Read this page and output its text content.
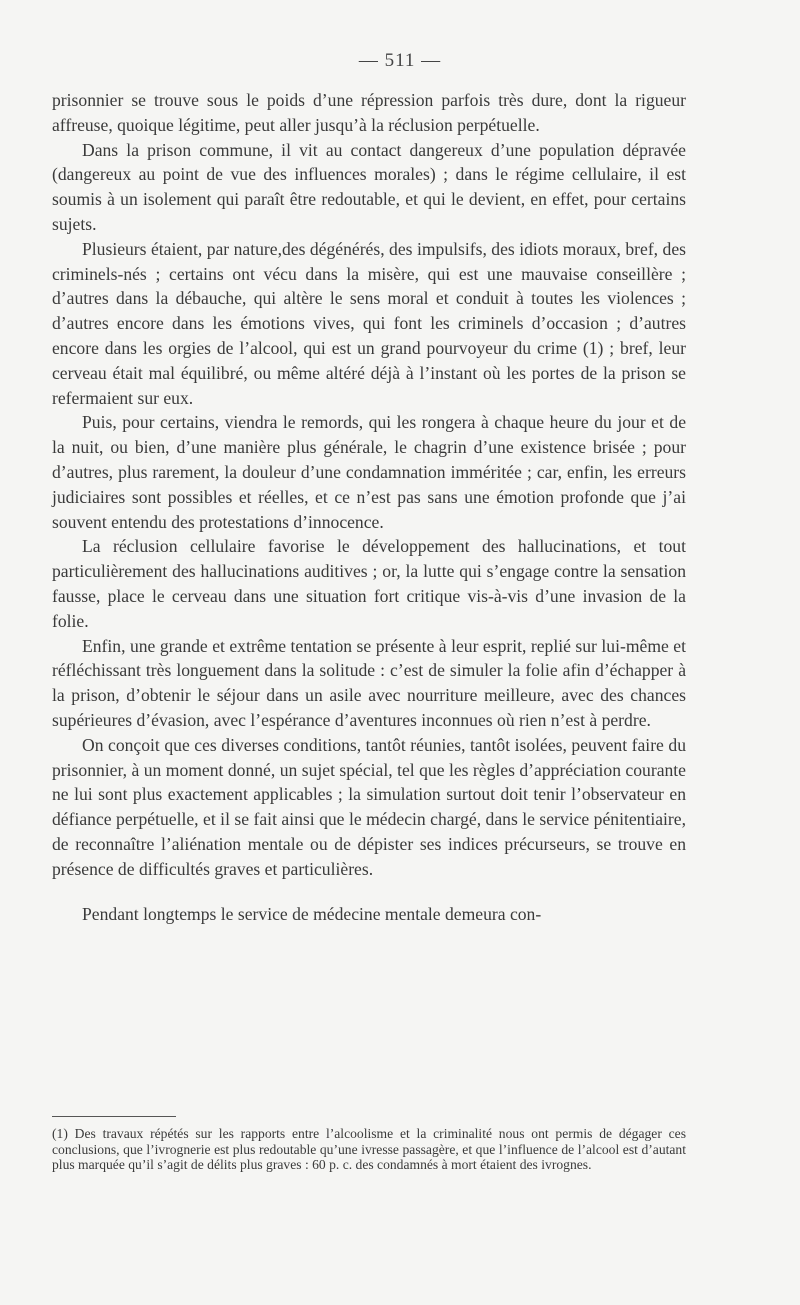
— 511 —

prisonnier se trouve sous le poids d’une répression parfois très dure, dont la rigueur affreuse, quoique légitime, peut aller jusqu’à la réclusion perpétuelle.

Dans la prison commune, il vit au contact dangereux d’une population dépravée (dangereux au point de vue des influences morales) ; dans le régime cellulaire, il est soumis à un isolement qui paraît être redoutable, et qui le devient, en effet, pour certains sujets.

Plusieurs étaient, par nature,des dégénérés, des impulsifs, des idiots moraux, bref, des criminels-nés ; certains ont vécu dans la misère, qui est une mauvaise conseillère ; d’autres dans la débauche, qui altère le sens moral et conduit à toutes les violences ; d’autres encore dans les émotions vives, qui font les criminels d’occasion ; d’autres encore dans les orgies de l’alcool, qui est un grand pourvoyeur du crime (1) ; bref, leur cerveau était mal équilibré, ou même altéré déjà à l’instant où les portes de la prison se refermaient sur eux.

Puis, pour certains, viendra le remords, qui les rongera à chaque heure du jour et de la nuit, ou bien, d’une manière plus générale, le chagrin d’une existence brisée ; pour d’autres, plus rarement, la douleur d’une condamnation imméritée ; car, enfin, les erreurs judiciaires sont possibles et réelles, et ce n’est pas sans une émotion profonde que j’ai souvent entendu des protestations d’innocence.

La réclusion cellulaire favorise le développement des hallucinations, et tout particulièrement des hallucinations auditives ; or, la lutte qui s’engage contre la sensation fausse, place le cerveau dans une situation fort critique vis-à-vis d’une invasion de la folie.

Enfin, une grande et extrême tentation se présente à leur esprit, replié sur lui-même et réfléchissant très longuement dans la solitude : c’est de simuler la folie afin d’échapper à la prison, d’obtenir le séjour dans un asile avec nourriture meilleure, avec des chances supérieures d’évasion, avec l’espérance d’aventures inconnues où rien n’est à perdre.

On conçoit que ces diverses conditions, tantôt réunies, tantôt isolées, peuvent faire du prisonnier, à un moment donné, un sujet spécial, tel que les règles d’appréciation courante ne lui sont plus exactement applicables ; la simulation surtout doit tenir l’observateur en défiance perpétuelle, et il se fait ainsi que le médecin chargé, dans le service pénitentiaire, de reconnaître l’aliénation mentale ou de dépister ses indices précurseurs, se trouve en présence de difficultés graves et particulières.

Pendant longtemps le service de médecine mentale demeura con-

(1) Des travaux répétés sur les rapports entre l’alcoolisme et la criminalité nous ont permis de dégager ces conclusions, que l’ivrognerie est plus redoutable qu’une ivresse passagère, et que l’influence de l’alcool est d’autant plus marquée qu’il s’agit de délits plus graves : 60 p. c. des condamnés à mort étaient des ivrognes.
